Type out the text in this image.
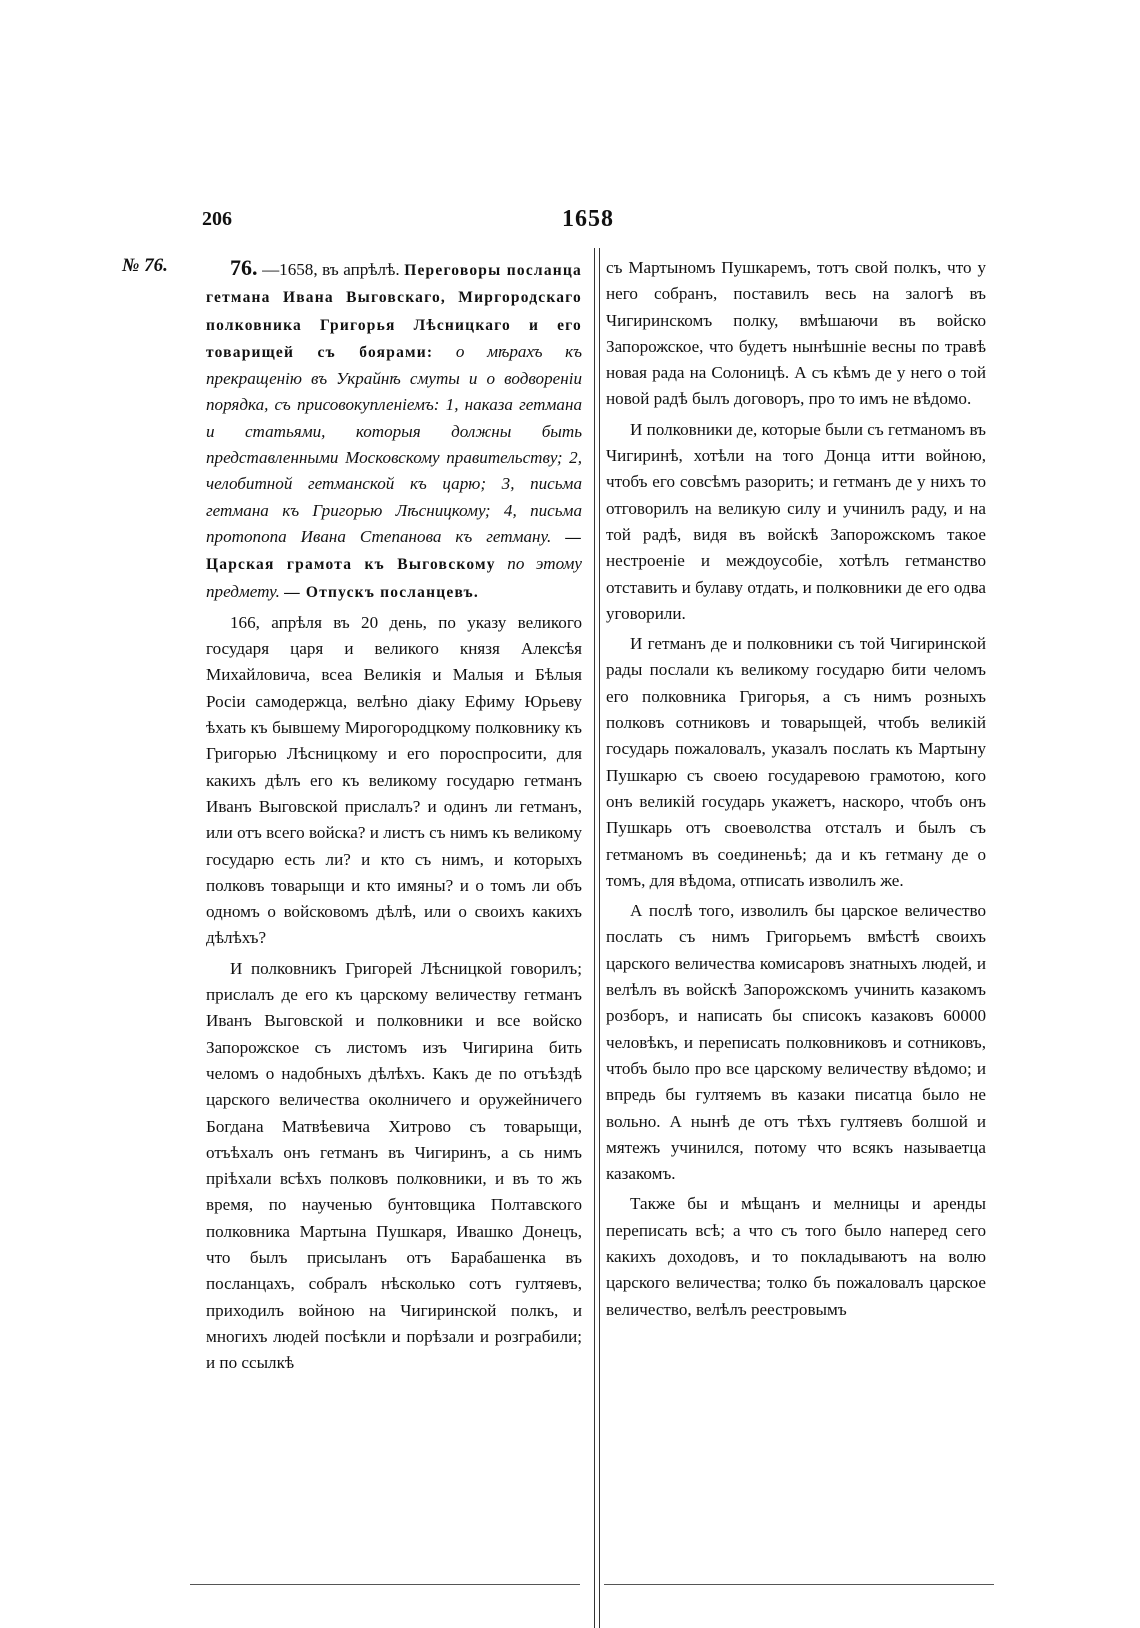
206	1658
№ 76.	76. —1658, въ апрѣлѣ. Переговоры посланца гетмана Ивана Выговскаго, Миргородскаго полковника Григорья Лѣсницкаго и его товарищей съ боярами: о мѣрахъ къ прекращенію въ Украйнѣ смуты и о водвореніи порядка, съ присовокупленіемъ: 1, наказа гетмана и статьями, которыя должны быть представленными Московскому правительству; 2, челобитной гетманской къ царю; 3, письма гетмана къ Григорью Лѣсницкому; 4, письма протопопа Ивана Степанова къ гетману. —Царская грамота къ Выговскому по этому предмету. — Отпускъ посланцевъ.

166, апрѣля въ 20 день, по указу великого государя царя и великого князя Алексѣя Михайловича, всеа Великія и Малыя и Бѣлыя Росіи самодержца, велѣно діаку Ефиму Юрьеву ѣхать къ бывшему Мирогородцкому полковнику къ Григорью Лѣсницкому и его пороспросити, для какихъ дѣлъ его къ великому государю гетманъ Иванъ Выговской прислалъ? и одинъ ли гетманъ, или отъ всего войска? и листъ съ нимъ къ великому государю есть ли? и кто съ нимъ, и которыхъ полковъ товарыщи и кто имяны? и о томъ ли объ одномъ о войсковомъ дѣлѣ, или о своихъ какихъ дѣлѣхъ?

И полковникъ Григорей Лѣсницкой говорилъ; прислалъ де его къ царскому величеству гетманъ Иванъ Выговской и полковники и все войско Запорожское съ листомъ изъ Чигирина бить челомъ о надобныхъ дѣлѣхъ. Какъ де по отъѣздѣ царского величества околничего и оружейничего Богдана Матвѣевича Хитрово съ товарыщи, отъѣхалъ онъ гетманъ въ Чигиринъ, а сь нимъ прiѣхали всѣхъ полковъ полковники, и въ то жъ время, по наученью бунтовщика Полтавского полковника Мартына Пушкаря, Ивашко Донецъ, что былъ присыланъ отъ Барабашенка въ посланцахъ, собралъ нѣсколько сотъ гултяевъ, приходилъ войною на Чигиринской полкъ, и многихъ людей посѣкли и порѣзали и розграбили; и по ссылкѣ

съ Мартыномъ Пушкаремъ, тотъ свой полкъ, что у него собранъ, поставилъ весь на залогѣ въ Чигиринскомъ полку, вмѣшаючи въ войско Запорожское, что будетъ нынѣшніе весны по травѣ новая рада на Солоницѣ. А съ кѣмъ де у него о той новой радѣ былъ договоръ, про то имъ не вѣдомо.

И полковники де, которые были съ гетманомъ въ Чигиринѣ, хотѣли на того Донца итти войною, чтобъ его совсѣмъ разорить; и гетманъ де у нихъ то отговорилъ на великую силу и учинилъ раду, и на той радѣ, видя въ войскѣ Запорожскомъ такое нестроеніе и междоусобіе, хотѣлъ гетманство отставить и булаву отдать, и полковники де его одва уговорили.

И гетманъ де и полковники съ той Чигиринской рады послали къ великому государю бити челомъ его полковника Григорья, а съ нимъ розныхъ полковъ сотниковъ и товарыщей, чтобъ великій государь пожаловалъ, указалъ послать къ Мартыну Пушкарю съ своею государевою грамотою, кого онъ великій государь укажетъ, наскоро, чтобъ онъ Пушкарь отъ своеволства отсталъ и былъ съ гетманомъ въ соединеньѣ; да и къ гетману де о томъ, для вѣдома, отписать изволилъ же.

А послѣ того, изволилъ бы царское величество послать съ нимъ Григорьемъ вмѣстѣ своихъ царского величества комисаровъ знатныхъ людей, и велѣлъ въ войскѣ Запорожскомъ учинить казакомъ розборъ, и написать бы списокъ казаковъ 60000 человѣкъ, и переписать полковниковъ и сотниковъ, чтобъ было про все царскому величеству вѣдомо; и впредь бы гултяемъ въ казаки писатца было не вольно. А нынѣ де отъ тѣхъ гултяевъ болшой и мятежъ учинился, потому что всякъ называетца казакомъ.

Также бы и мѣщанъ и мелницы и аренды переписать всѣ; а что съ того было наперед сего какихъ доходовъ, и то покладываютъ на волю царского величества; толко бъ пожаловалъ царское величество, велѣлъ реестровымъ
